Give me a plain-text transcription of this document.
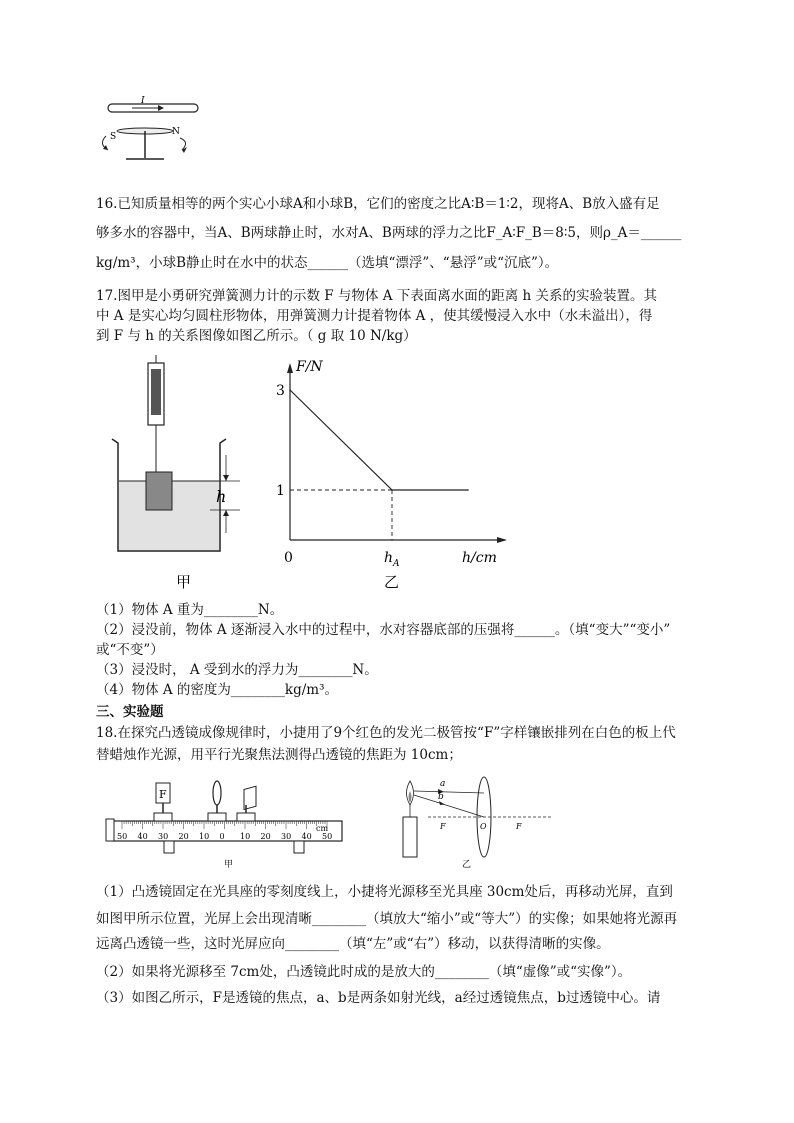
I
S	N
16.已知质量相等的两个实心小球A和小球B，它们的密度之比A∶B＝1∶2，现将A、B放入盛有足
够多水的容器中，当A、B两球静止时，水对A、B两球的浮力之比F_A∶F_B＝8∶5，则ρ_A＝______
kg/m³，小球B静止时在水中的状态______（选填“漂浮”、“悬浮”或“沉底”）。
17.图甲是小勇研究弹簧测力计的示数 F 与物体 A 下表面离水面的距离 h 关系的实验装置。其
中 A 是实心均匀圆柱形物体，用弹簧测力计提着物体 A ，使其缓慢浸入水中（水未溢出），得
到 F 与 h 的关系图像如图乙所示。（ g 取 10 N/kg）
h
甲
3
1
0	$h_A$	h/cm
F/N
乙
（1）物体 A 重为________N。
（2）浸没前，物体 A 逐渐浸入水中的过程中，水对容器底部的压强将______。（填“变大”“变小”
或“不变”）
（3）浸没时， A 受到水的浮力为________N。
（4）物体 A 的密度为________kg/m³。
三、实验题
18.在探究凸透镜成像规律时，小捷用了9个红色的发光二极管按“F”字样镶嵌排列在白色的板上代
替蜡烛作光源，用平行光聚焦法测得凸透镜的焦距为 10cm；
50 40 30 20 10 0 10 20 30 40 50
cm
F
甲
a
b
F	O	F
乙
（1）凸透镜固定在光具座的零刻度线上，小捷将光源移至光具座 30cm处后，再移动光屏，直到
如图甲所示位置，光屏上会出现清晰________（填放大“缩小”或“等大”）的实像；如果她将光源再
远离凸透镜一些，这时光屏应向________（填“左”或“右”）移动，以获得清晰的实像。
（2）如果将光源移至 7cm处，凸透镜此时成的是放大的________（填“虚像”或“实像”）。
（3）如图乙所示，F是透镜的焦点，a、b是两条如射光线，a经过透镜焦点，b过透镜中心。请
